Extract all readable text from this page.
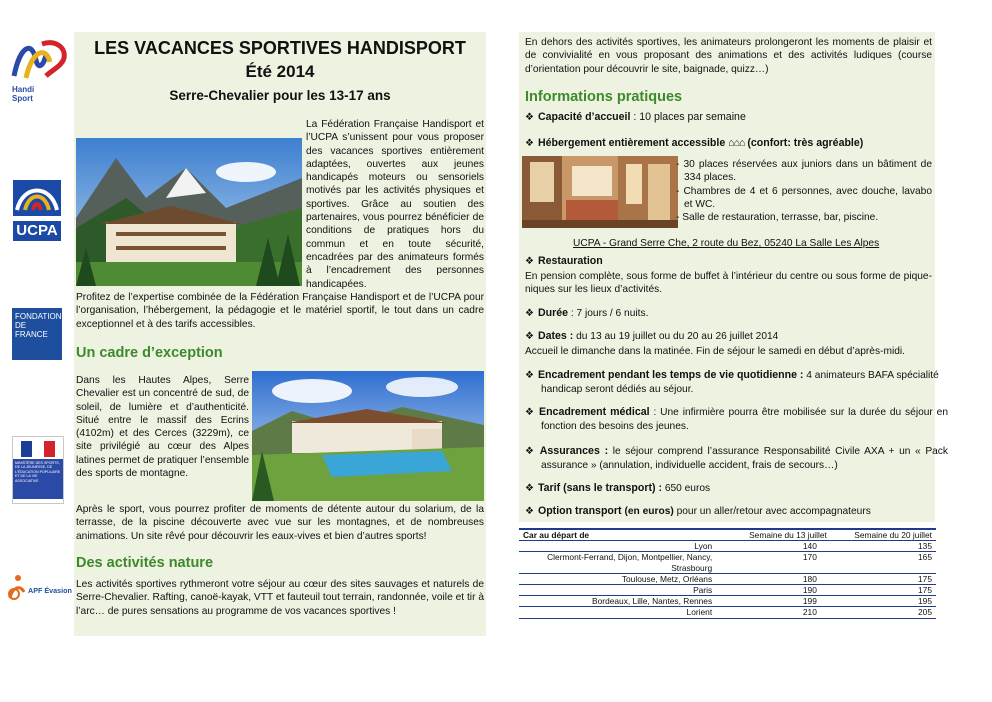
Handi Sport
UCPA
FONDATION DE FRANCE
MINISTÈRE DES SPORTS, DE LA JEUNESSE, DE L'ÉDUCATION POPULAIRE ET DE LA VIE ASSOCIATIVE
APF Évasion
LES VACANCES SPORTIVES HANDISPORT
Été 2014
Serre-Chevalier pour les 13-17 ans
La Fédération Française Handisport et l’UCPA s’unissent pour vous proposer des vacances sportives entièrement adaptées, ouvertes aux jeunes handicapés moteurs ou sensoriels motivés par les activités physiques et sportives. Grâce au soutien des partenaires, vous pourrez bénéficier de conditions de pratiques hors du commun et en toute sécurité, encadrées par des animateurs formés à l’encadrement des personnes handicapées.
Profitez de l’expertise combinée de la Fédération Française Handisport et de l’UCPA pour l’organisation, l’hébergement, la pédagogie et le matériel sportif, le tout dans un cadre exceptionnel et à des tarifs accessibles.
Un cadre d’exception
Dans les Hautes Alpes, Serre Chevalier est un concentré de sud, de soleil, de lumière et d’authenticité. Situé entre le massif des Ecrins (4102m) et des Cerces (3229m), ce site privilégié au cœur des Alpes latines permet de pratiquer l’ensemble des sports de montagne.
Après le sport, vous pourrez profiter de moments de détente autour du solarium, de la terrasse, de la piscine découverte avec vue sur les montagnes, et de nombreuses animations. Un site rêvé pour découvrir les eaux-vives et bien d’autres sports!
Des activités nature
Les activités sportives rythmeront votre séjour au cœur des sites sauvages et naturels de Serre-Chevalier. Rafting, canoë-kayak, VTT et fauteuil tout terrain, randonnée, voile et tir à l’arc… de pures sensations au programme de vos vacances sportives !
En dehors des activités sportives, les animateurs prolongeront les moments de plaisir et de convivialité en vous proposant des animations et des activités ludiques (course d’orientation pour découvrir le site, baignade, quizz…)
Informations pratiques
❖ Capacité d’accueil : 10 places par semaine
❖ Hébergement entièrement accessible ⌂⌂⌂ (confort: très agréable)
- 30 places réservées aux juniors dans un bâtiment de 334 places.
- Chambres de 4 et 6 personnes, avec douche, lavabo et WC.
- Salle de restauration, terrasse, bar, piscine.
UCPA - Grand Serre Che, 2 route du Bez, 05240 La Salle Les Alpes
❖ Restauration
En pension complète, sous forme de buffet à l’intérieur du centre ou sous forme de pique-niques sur les lieux d’activités.
❖ Durée : 7 jours / 6 nuits.
❖ Dates : du 13 au 19 juillet ou du 20 au 26 juillet 2014
Accueil le dimanche dans la matinée. Fin de séjour le samedi en début d’après-midi.
❖ Encadrement pendant les temps de vie quotidienne : 4 animateurs BAFA spécialité handicap seront dédiés au séjour.
❖ Encadrement médical : Une infirmière pourra être mobilisée sur la durée du séjour en fonction des besoins des jeunes.
❖ Assurances : le séjour comprend l’assurance Responsabilité Civile AXA + un « Pack assurance » (annulation, individuelle accident, frais de secours…)
❖ Tarif (sans le transport) : 650 euros
❖ Option transport (en euros) pour un aller/retour avec accompagnateurs
Car au départ de	Semaine du 13 juillet	Semaine du 20 juillet
Lyon	140	135
Clermont-Ferrand, Dijon, Montpellier, Nancy, Strasbourg	170	165
Toulouse, Metz, Orléans	180	175
Paris	190	175
Bordeaux, Lille, Nantes, Rennes	199	195
Lorient	210	205
